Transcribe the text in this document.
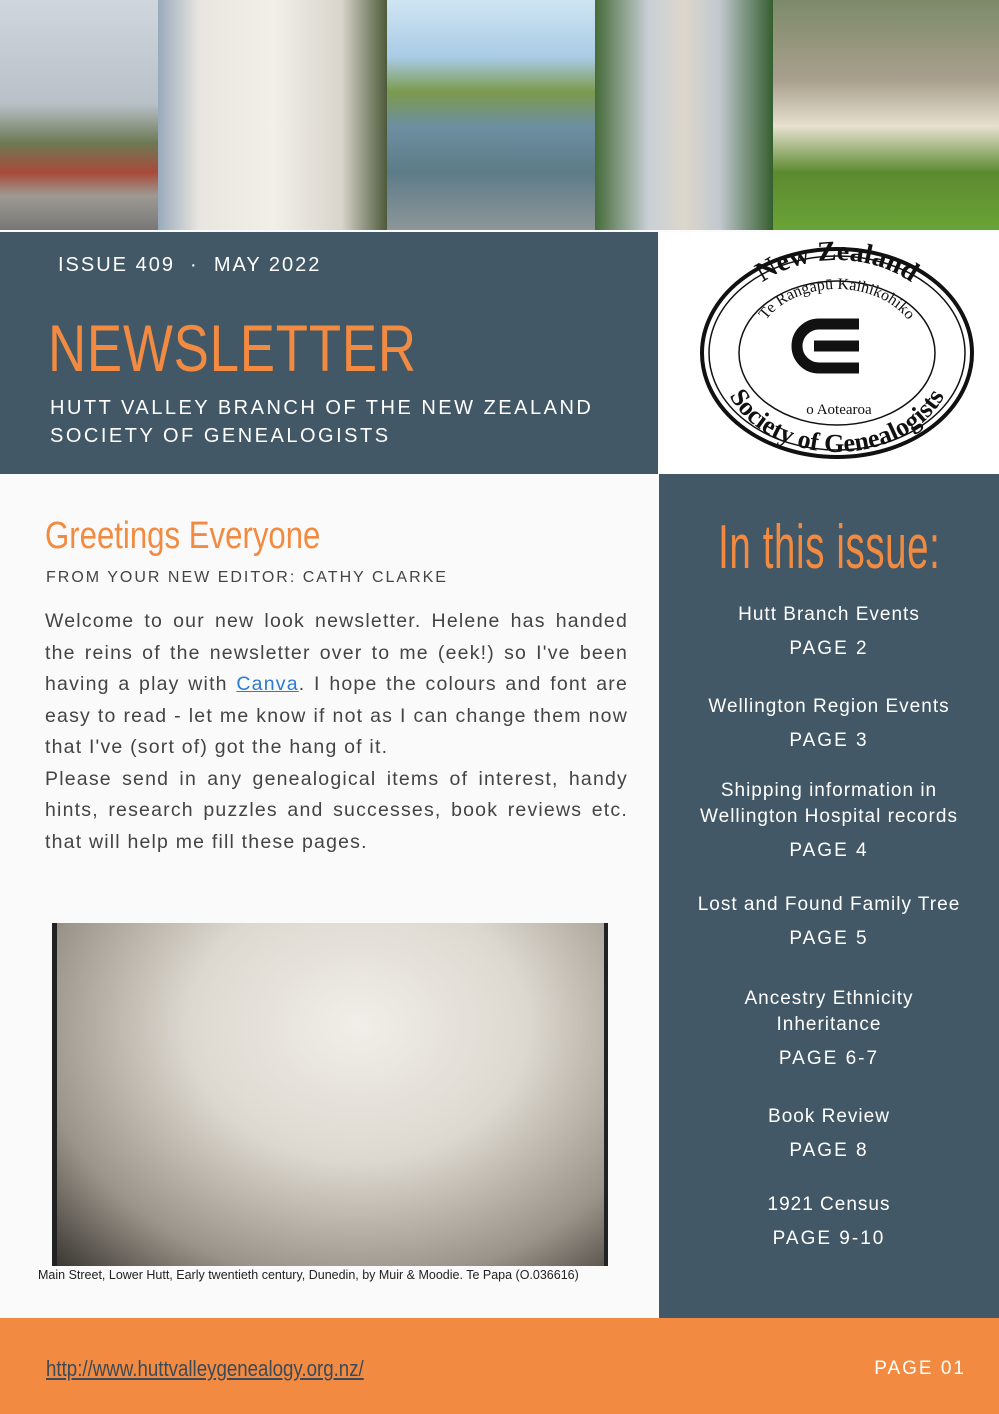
ISSUE 409  ·  MAY 2022
NEWSLETTER
HUTT VALLEY BRANCH OF THE NEW ZEALAND SOCIETY OF GENEALOGISTS
New Zealand
Society of Genealogists
Te Rangapū Kaihikohiko
o Aotearoa
Greetings Everyone
FROM YOUR NEW EDITOR: CATHY CLARKE

Welcome to our new look newsletter. Helene has handed the reins of the newsletter over to me (eek!) so I've been having a play with Canva. I hope the colours and font are easy to read - let me know if not as I can change them now that I've (sort of) got the hang of it.

Please send in any genealogical items of interest, handy hints, research puzzles and successes, book reviews etc. that will help me fill these pages.

Main Street, Lower Hutt, Early twentieth century, Dunedin, by Muir & Moodie. Te Papa (O.036616)
In this issue:
Hutt Branch Events
PAGE 2
Wellington Region Events
PAGE 3
Shipping information in Wellington Hospital records
PAGE 4
Lost and Found Family Tree
PAGE 5
Ancestry Ethnicity Inheritance
PAGE 6-7
Book Review
PAGE 8
1921 Census
PAGE 9-10
http://www.huttvalleygenealogy.org.nz/	PAGE 01
